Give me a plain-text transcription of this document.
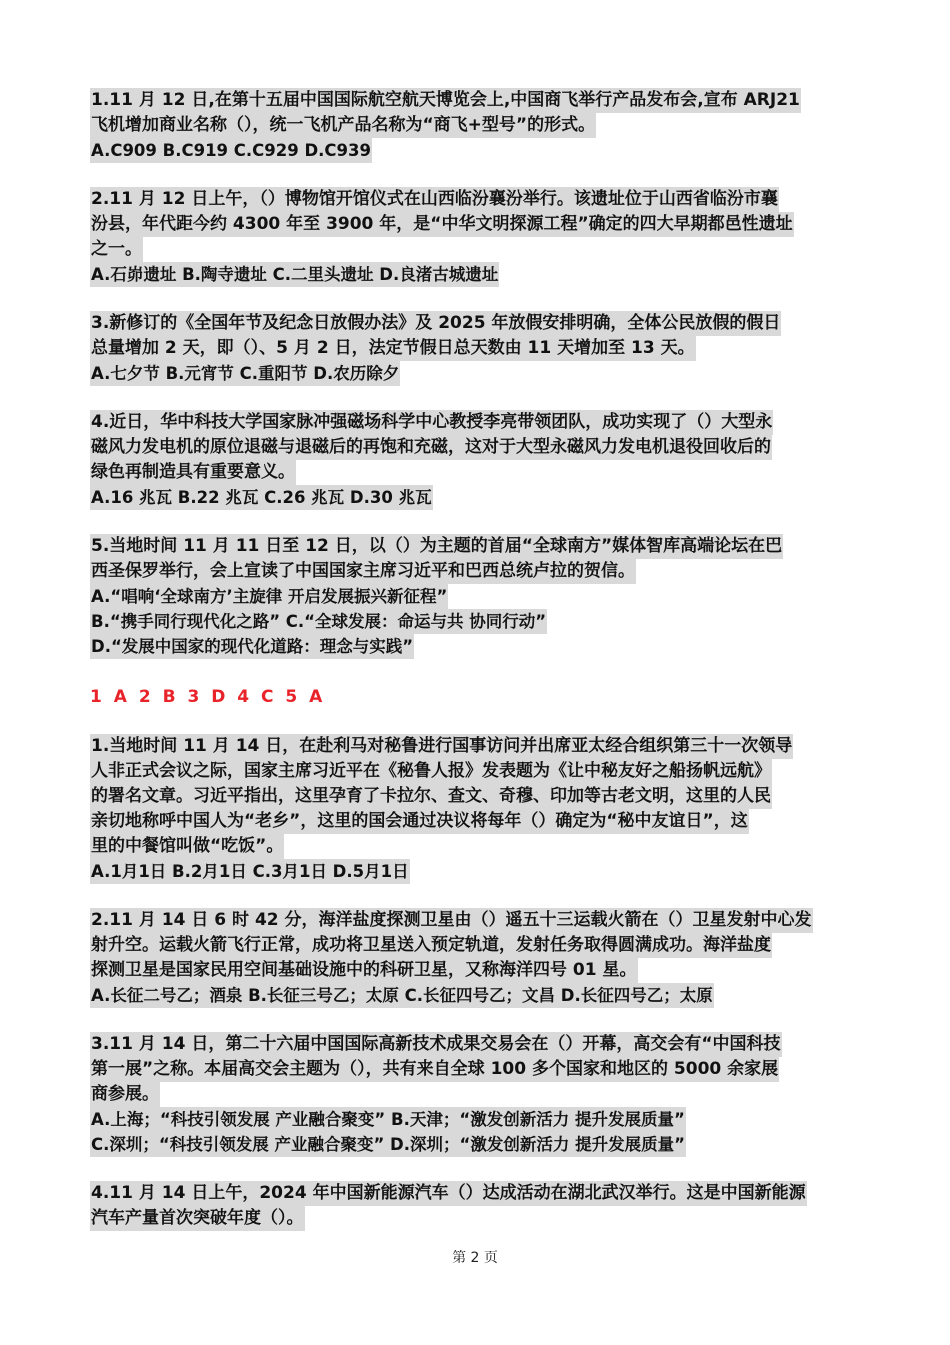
1.11 月 12 日,在第十五届中国国际航空航天博览会上,中国商飞举行产品发布会,宣布 ARJ21
飞机增加商业名称（），统一飞机产品名称为“商飞+型号”的形式。
A.C909 B.C919 C.C929 D.C939
2.11 月 12 日上午，（）博物馆开馆仪式在山西临汾襄汾举行。该遗址位于山西省临汾市襄
汾县，年代距今约 4300 年至 3900 年，是“中华文明探源工程”确定的四大早期都邑性遗址
之一。
A.石峁遗址 B.陶寺遗址 C.二里头遗址 D.良渚古城遗址
3.新修订的《全国年节及纪念日放假办法》及 2025 年放假安排明确，全体公民放假的假日
总量增加 2 天，即（）、5 月 2 日，法定节假日总天数由 11 天增加至 13 天。
A.七夕节 B.元宵节 C.重阳节 D.农历除夕
4.近日，华中科技大学国家脉冲强磁场科学中心教授李亮带领团队，成功实现了（）大型永
磁风力发电机的原位退磁与退磁后的再饱和充磁，这对于大型永磁风力发电机退役回收后的
绿色再制造具有重要意义。
A.16 兆瓦 B.22 兆瓦 C.26 兆瓦 D.30 兆瓦
5.当地时间 11 月 11 日至 12 日，以（）为主题的首届“全球南方”媒体智库高端论坛在巴
西圣保罗举行，会上宣读了中国国家主席习近平和巴西总统卢拉的贺信。
A.“唱响‘全球南方’主旋律 开启发展振兴新征程”
B.“携手同行现代化之路” C.“全球发展：命运与共 协同行动”
D.“发展中国家的现代化道路：理念与实践”
1 A 2 B 3 D 4 C 5 A
1.当地时间 11 月 14 日，在赴利马对秘鲁进行国事访问并出席亚太经合组织第三十一次领导
人非正式会议之际，国家主席习近平在《秘鲁人报》发表题为《让中秘友好之船扬帆远航》
的署名文章。习近平指出，这里孕育了卡拉尔、查文、奇穆、印加等古老文明，这里的人民
亲切地称呼中国人为“老乡”，这里的国会通过决议将每年（）确定为“秘中友谊日”，这
里的中餐馆叫做“吃饭”。
A.1月1日 B.2月1日 C.3月1日 D.5月1日
2.11 月 14 日 6 时 42 分，海洋盐度探测卫星由（）遥五十三运载火箭在（）卫星发射中心发
射升空。运载火箭飞行正常，成功将卫星送入预定轨道，发射任务取得圆满成功。海洋盐度
探测卫星是国家民用空间基础设施中的科研卫星，又称海洋四号 01 星。
A.长征二号乙；酒泉 B.长征三号乙；太原 C.长征四号乙；文昌 D.长征四号乙；太原
3.11 月 14 日，第二十六届中国国际高新技术成果交易会在（）开幕，高交会有“中国科技
第一展”之称。本届高交会主题为（），共有来自全球 100 多个国家和地区的 5000 余家展
商参展。
A.上海；“科技引领发展 产业融合聚变” B.天津；“激发创新活力 提升发展质量”
C.深圳；“科技引领发展 产业融合聚变” D.深圳；“激发创新活力 提升发展质量”
4.11 月 14 日上午，2024 年中国新能源汽车（）达成活动在湖北武汉举行。这是中国新能源
汽车产量首次突破年度（）。
第 2 页
